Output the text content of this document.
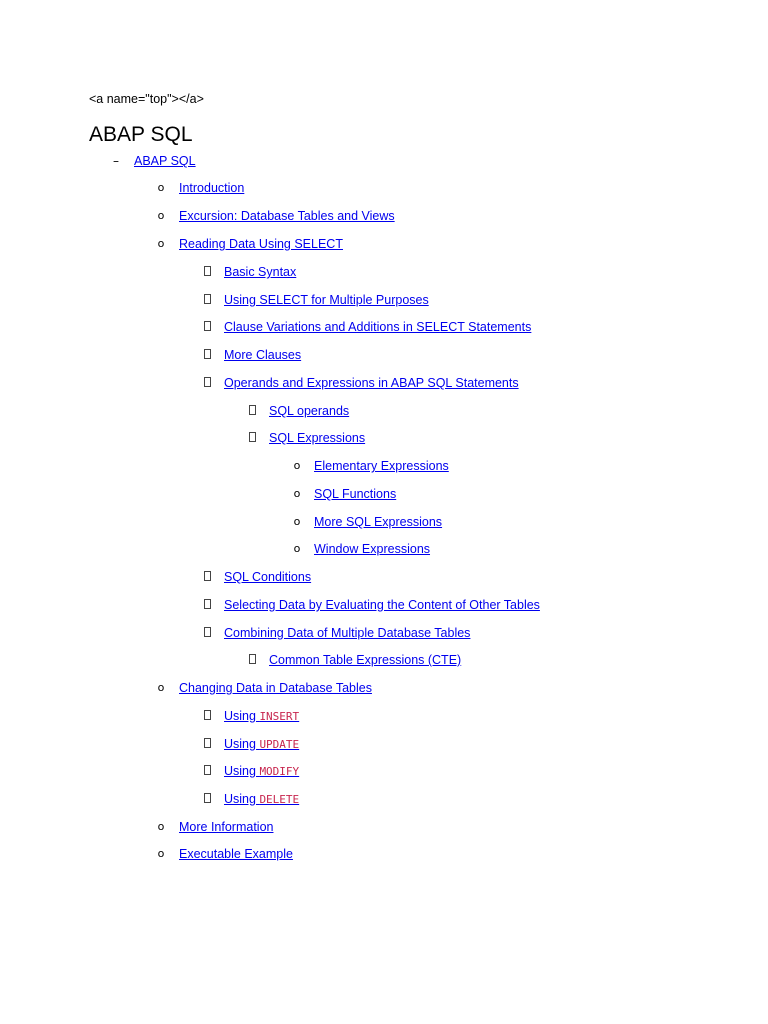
<a name="top"></a>
ABAP SQL
– ABAP SQL
o Introduction
o Excursion: Database Tables and Views
o Reading Data Using SELECT
Basic Syntax
Using SELECT for Multiple Purposes
Clause Variations and Additions in SELECT Statements
More Clauses
Operands and Expressions in ABAP SQL Statements
SQL operands
SQL Expressions
o Elementary Expressions
o SQL Functions
o More SQL Expressions
o Window Expressions
SQL Conditions
Selecting Data by Evaluating the Content of Other Tables
Combining Data of Multiple Database Tables
Common Table Expressions (CTE)
o Changing Data in Database Tables
Using INSERT
Using UPDATE
Using MODIFY
Using DELETE
o More Information
o Executable Example
